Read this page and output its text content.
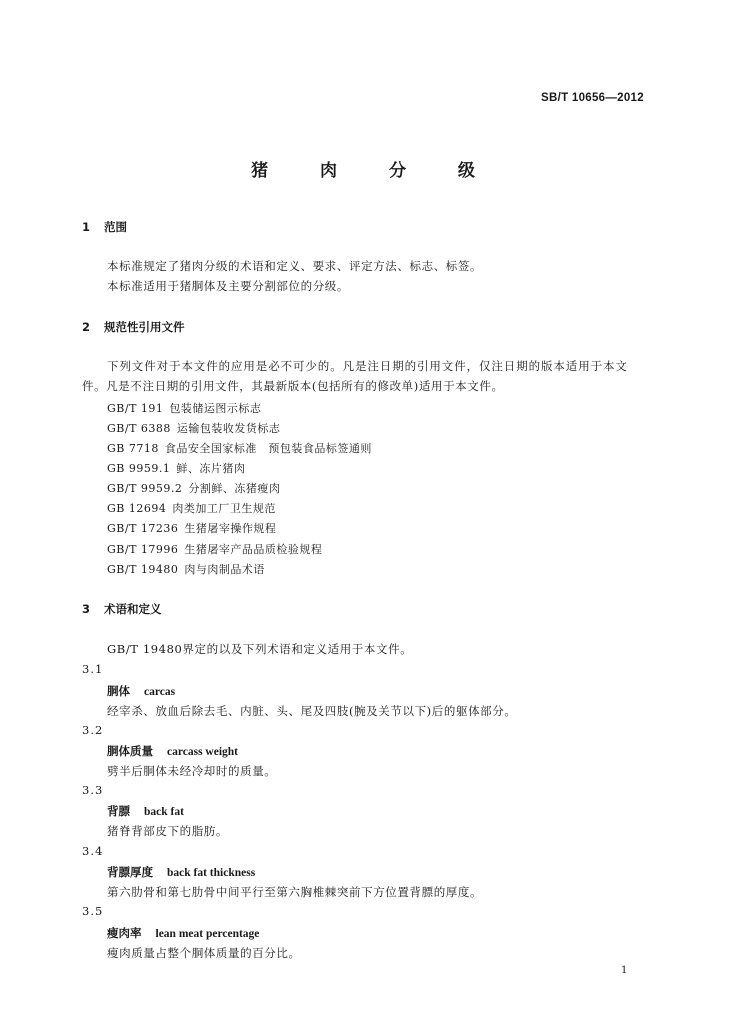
SB/T 10656—2012
猪 肉 分 级
1 范围
本标准规定了猪肉分级的术语和定义、要求、评定方法、标志、标签。
本标准适用于猪胴体及主要分割部位的分级。
2 规范性引用文件
下列文件对于本文件的应用是必不可少的。凡是注日期的引用文件，仅注日期的版本适用于本文
件。凡是不注日期的引用文件，其最新版本(包括所有的修改单)适用于本文件。
GB/T 191 包装储运图示标志
GB/T 6388 运输包装收发货标志
GB 7718 食品安全国家标准　预包装食品标签通则
GB 9959.1 鲜、冻片猪肉
GB/T 9959.2 分割鲜、冻猪瘦肉
GB 12694 肉类加工厂卫生规范
GB/T 17236 生猪屠宰操作规程
GB/T 17996 生猪屠宰产品品质检验规程
GB/T 19480 肉与肉制品术语
3 术语和定义
GB/T 19480界定的以及下列术语和定义适用于本文件。
3.1
胴体 carcas
经宰杀、放血后除去毛、内脏、头、尾及四肢(腕及关节以下)后的躯体部分。
3.2
胴体质量 carcass weight
劈半后胴体未经冷却时的质量。
3.3
背膘 back fat
猪脊背部皮下的脂肪。
3.4
背膘厚度 back fat thickness
第六肋骨和第七肋骨中间平行至第六胸椎棘突前下方位置背膘的厚度。
3.5
瘦肉率 lean meat percentage
瘦肉质量占整个胴体质量的百分比。
1
